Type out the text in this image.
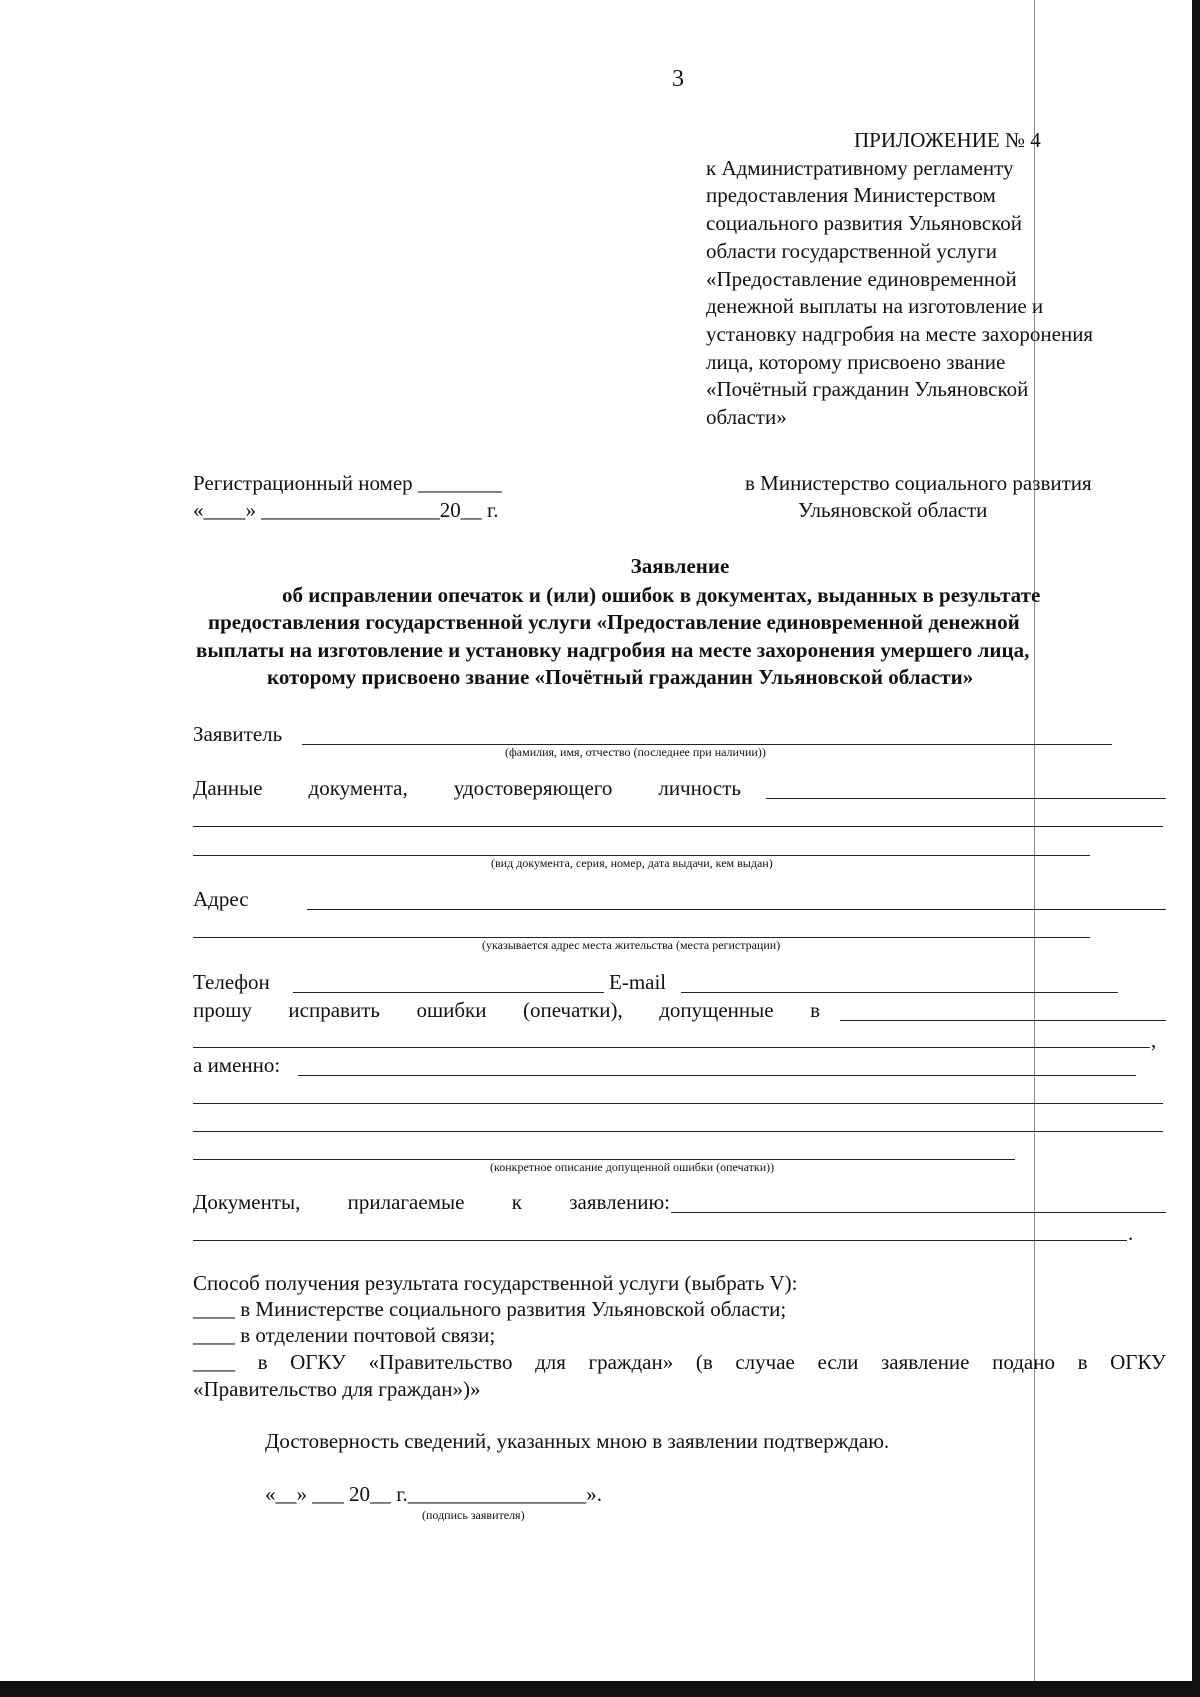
3
ПРИЛОЖЕНИЕ № 4
к Административному регламенту
предоставления Министерством
социального развития Ульяновской
области государственной услуги
«Предоставление единовременной
денежной выплаты на изготовление и
установку надгробия на месте захоронения
лица, которому присвоено звание
«Почётный гражданин Ульяновской
области»
Регистрационный номер ________
«____» _________________20__ г.
в Министерство социального развития
Ульяновской области
Заявление
об исправлении опечаток и (или) ошибок в документах, выданных в результате
предоставления государственной услуги «Предоставление единовременной денежной
выплаты на изготовление и установку надгробия на месте захоронения умершего лица,
которому присвоено звание «Почётный гражданин Ульяновской области»
Заявитель
(фамилия, имя, отчество (последнее при наличии))
Данные документа, удостоверяющего личность
(вид документа, серия, номер, дата выдачи, кем выдан)
Адрес
(указывается адрес места жительства (места регистрации)
Телефон	E-mail
прошу исправить ошибки (опечатки), допущенные в
,
а именно:
(конкретное описание допущенной ошибки (опечатки))
Документы, прилагаемые к заявлению:
.
Способ получения результата государственной услуги (выбрать V):
____ в Министерстве социального развития Ульяновской области;
____ в отделении почтовой связи;
____ в ОГКУ «Правительство для граждан» (в случае если заявление подано в ОГКУ
«Правительство для граждан»)»
Достоверность сведений, указанных мною в заявлении подтверждаю.
«__» ___ 20__ г._________________».
(подпись заявителя)
